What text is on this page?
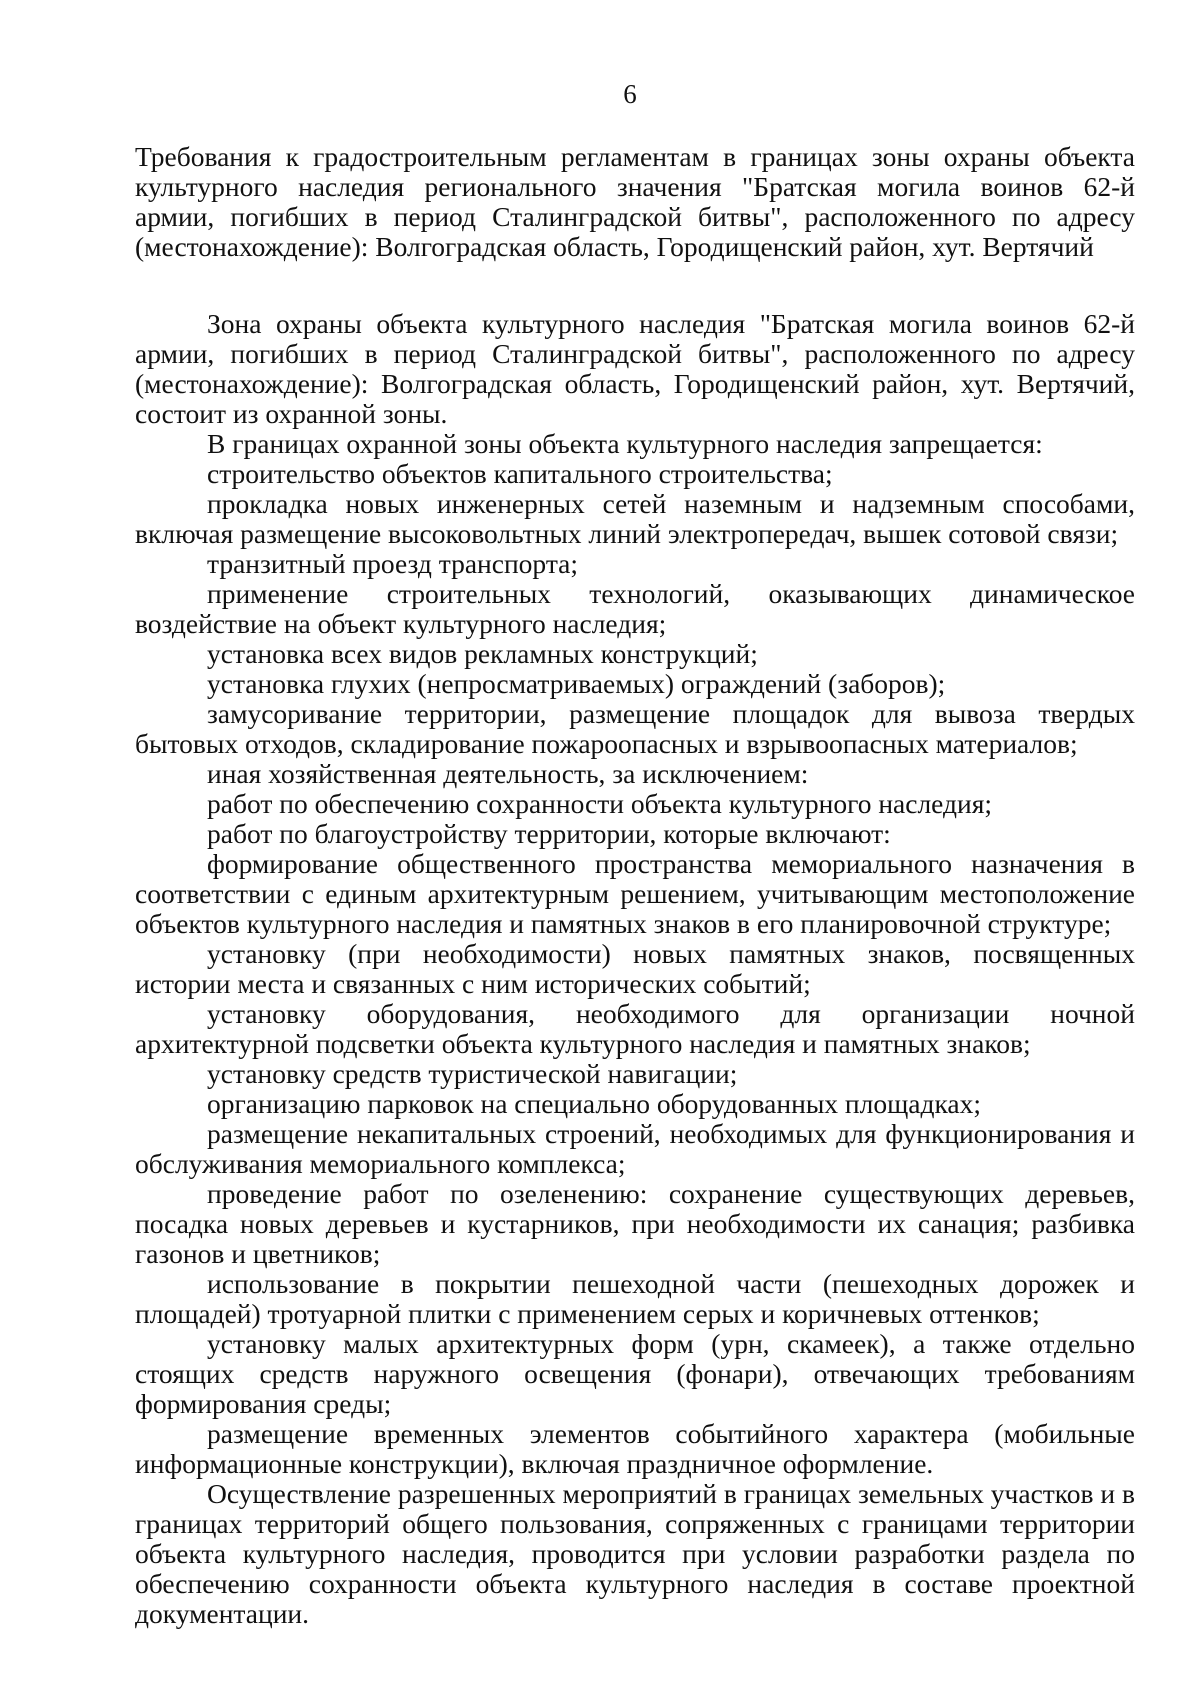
6

Требования к градостроительным регламентам в границах зоны охраны объекта
культурного наследия регионального значения "Братская могила воинов 62-й
армии, погибших в период Сталинградской битвы", расположенного по адресу
(местонахождение): Волгоградская область, Городищенский район, хут. Вертячий

Зона охраны объекта культурного наследия "Братская могила воинов 62-й армии, погибших в период Сталинградской битвы", расположенного по адресу (местонахождение): Волгоградская область, Городищенский район, хут. Вертячий, состоит из охранной зоны.

В границах охранной зоны объекта культурного наследия запрещается:

строительство объектов капитального строительства;

прокладка новых инженерных сетей наземным и надземным способами, включая размещение высоковольтных линий электропередач, вышек сотовой связи;

транзитный проезд транспорта;

применение строительных технологий, оказывающих динамическое воздействие на объект культурного наследия;

установка всех видов рекламных конструкций;

установка глухих (непросматриваемых) ограждений (заборов);

замусоривание территории, размещение площадок для вывоза твердых бытовых отходов, складирование пожароопасных и взрывоопасных материалов;

иная хозяйственная деятельность, за исключением:

работ по обеспечению сохранности объекта культурного наследия;

работ по благоустройству территории, которые включают:

формирование общественного пространства мемориального назначения в соответствии с единым архитектурным решением, учитывающим местоположение объектов культурного наследия и памятных знаков в его планировочной структуре;

установку (при необходимости) новых памятных знаков, посвященных истории места и связанных с ним исторических событий;

установку оборудования, необходимого для организации ночной архитектурной подсветки объекта культурного наследия и памятных знаков;

установку средств туристической навигации;

организацию парковок на специально оборудованных площадках;

размещение некапитальных строений, необходимых для функционирования и обслуживания мемориального комплекса;

проведение работ по озеленению: сохранение существующих деревьев, посадка новых деревьев и кустарников, при необходимости их санация; разбивка газонов и цветников;

использование в покрытии пешеходной части (пешеходных дорожек и площадей) тротуарной плитки с применением серых и коричневых оттенков;

установку малых архитектурных форм (урн, скамеек), а также отдельно стоящих средств наружного освещения (фонари), отвечающих требованиям формирования среды;

размещение временных элементов событийного характера (мобильные информационные конструкции), включая праздничное оформление.

Осуществление разрешенных мероприятий в границах земельных участков и в границах территорий общего пользования, сопряженных с границами территории объекта культурного наследия, проводится при условии разработки раздела по обеспечению сохранности объекта культурного наследия в составе проектной документации.
